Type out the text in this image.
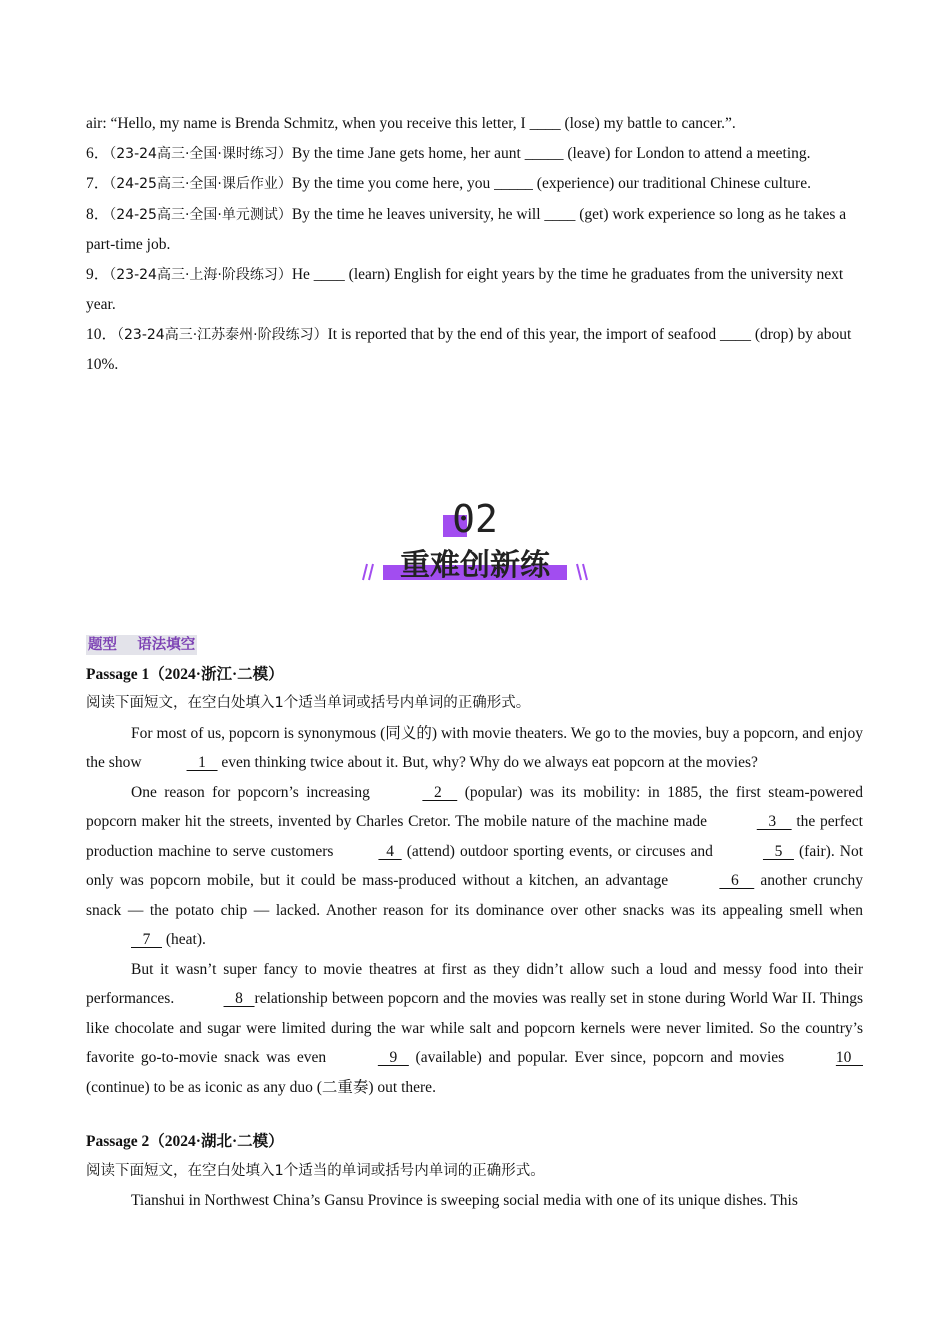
air: “Hello, my name is Brenda Schmitz, when you receive this letter, I ____ (lose) my battle to cancer.”.

6．（23-24高三·全国·课时练习）By the time Jane gets home, her aunt _____ (leave) for London to attend a meeting.

7．（24-25高三·全国·课后作业）By the time you come here, you _____ (experience) our traditional Chinese culture.

8．（24-25高三·全国·单元测试）By the time he leaves university, he will ____ (get) work experience so long as he takes a part-time job.

9．（23-24高三·上海·阶段练习）He ____ (learn) English for eight years by the time he graduates from the university next year.

10．（23-24高三·江苏泰州·阶段练习）It is reported that by the end of this year, the import of seafood ____ (drop) by about 10%.

02
重难创新练

题型    语法填空

Passage 1（2024·浙江·二模）

阅读下面短文，在空白处填入1个适当单词或括号内单词的正确形式。

For most of us, popcorn is synonymous (同义的) with movie theaters. We go to the movies, buy a popcorn, and enjoy the show	1    even thinking twice about it. But, why? Why do we always eat popcorn at the movies?

One reason for popcorn’s increasing	2     (popular) was its mobility: in 1885, the first steam-powered popcorn maker hit the streets, invented by Charles Cretor. The mobile nature of the machine made	3     the perfect production machine to serve customers	4   (attend) outdoor sporting events, or circuses and	5    (fair). Not only was popcorn mobile, but it could be mass-produced without a kitchen, an advantage	6     another crunchy snack — the potato chip — lacked. Another reason for its dominance over other snacks was its appealing smell when    7    (heat).

But it wasn’t super fancy to movie theatres at first as they didn’t allow such a loud and messy food into their performances.	8   relationship between popcorn and the movies was really set in stone during World War II. Things like chocolate and sugar were limited during the war while salt and popcorn kernels were never limited. So the country’s favorite go-to-movie snack was even	9    (available) and popular. Ever since, popcorn and movies	10    (continue) to be as iconic as any duo (二重奏) out there.

Passage 2（2024·湖北·二模）

阅读下面短文，在空白处填入1个适当的单词或括号内单词的正确形式。

Tianshui in Northwest China’s Gansu Province is sweeping social media with one of its unique dishes. This
